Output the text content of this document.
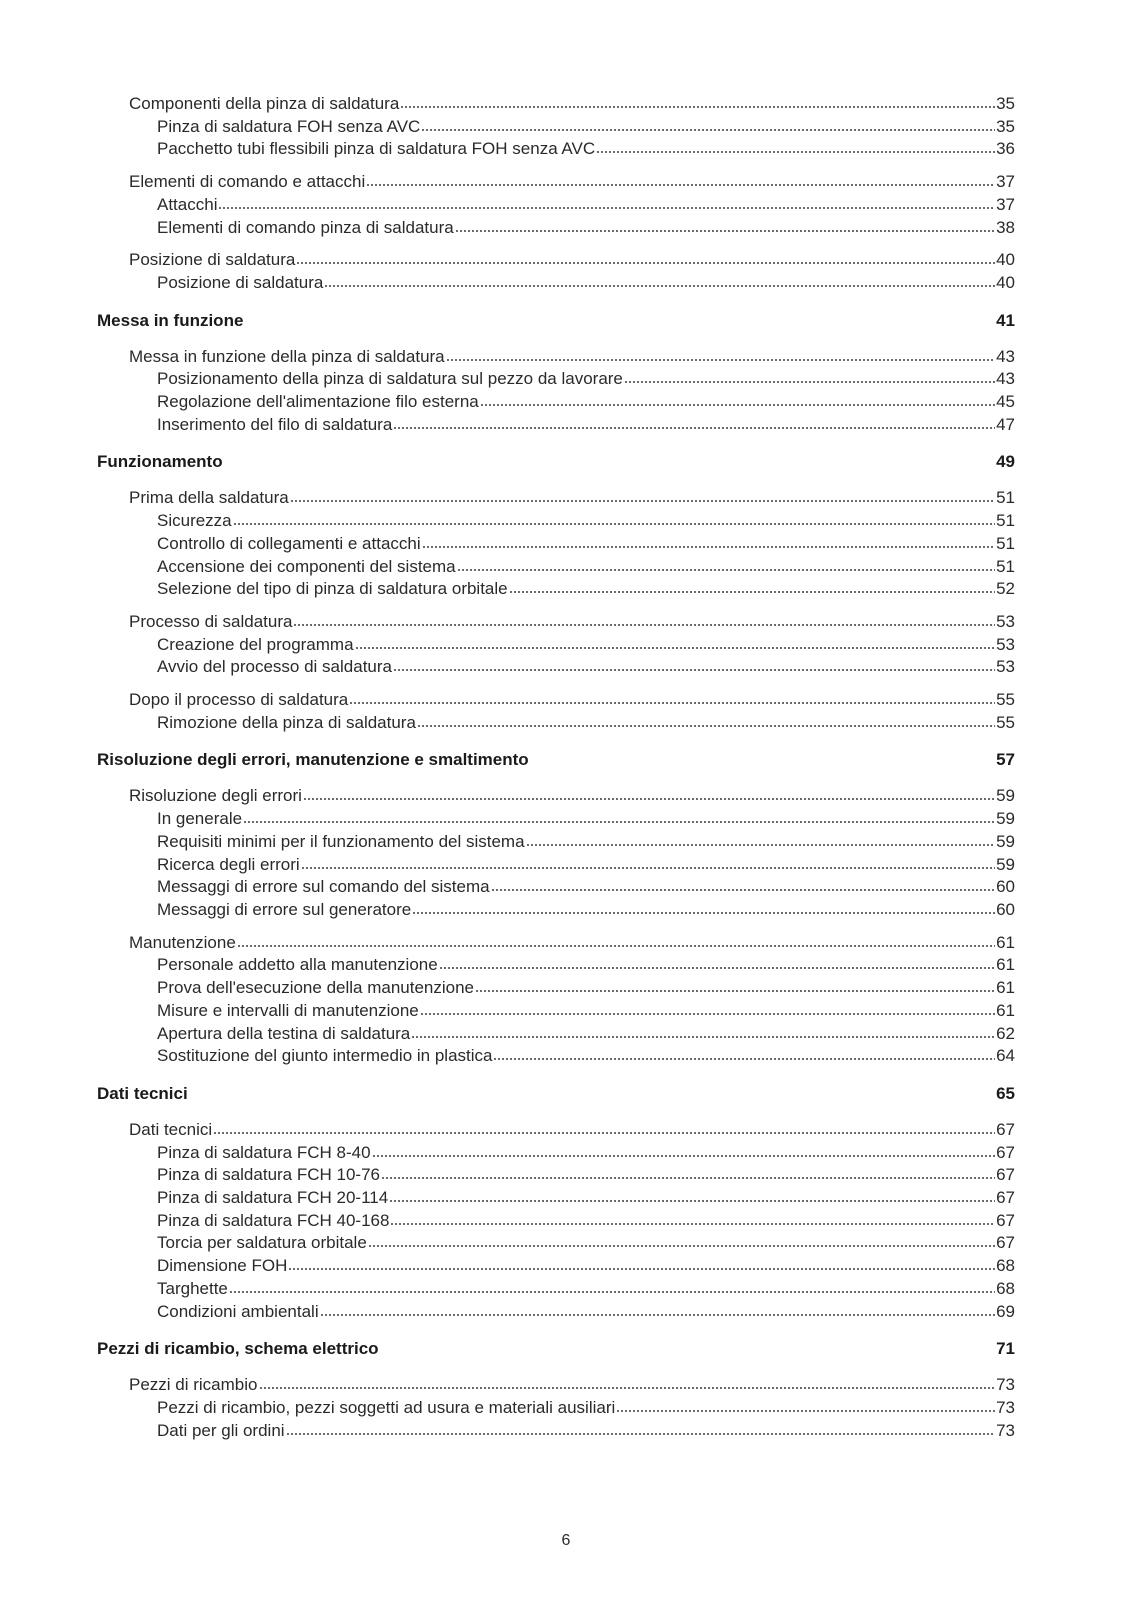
Componenti della pinza di saldatura	35
Pinza di saldatura FOH senza AVC	35
Pacchetto tubi flessibili pinza di saldatura FOH senza AVC	36
Elementi di comando e attacchi	37
Attacchi	37
Elementi di comando pinza di saldatura	38
Posizione di saldatura	40
Posizione di saldatura	40
Messa in funzione	41
Messa in funzione della pinza di saldatura	43
Posizionamento della pinza di saldatura sul pezzo da lavorare	43
Regolazione dell'alimentazione filo esterna	45
Inserimento del filo di saldatura	47
Funzionamento	49
Prima della saldatura	51
Sicurezza	51
Controllo di collegamenti e attacchi	51
Accensione dei componenti del sistema	51
Selezione del tipo di pinza di saldatura orbitale	52
Processo di saldatura	53
Creazione del programma	53
Avvio del processo di saldatura	53
Dopo il processo di saldatura	55
Rimozione della pinza di saldatura	55
Risoluzione degli errori, manutenzione e smaltimento	57
Risoluzione degli errori	59
In generale	59
Requisiti minimi per il funzionamento del sistema	59
Ricerca degli errori	59
Messaggi di errore sul comando del sistema	60
Messaggi di errore sul generatore	60
Manutenzione	61
Personale addetto alla manutenzione	61
Prova dell'esecuzione della manutenzione	61
Misure e intervalli di manutenzione	61
Apertura della testina di saldatura	62
Sostituzione del giunto intermedio in plastica	64
Dati tecnici	65
Dati tecnici	67
Pinza di saldatura FCH 8-40	67
Pinza di saldatura FCH 10-76	67
Pinza di saldatura FCH 20-114	67
Pinza di saldatura FCH 40-168	67
Torcia per saldatura orbitale	67
Dimensione FOH	68
Targhette	68
Condizioni ambientali	69
Pezzi di ricambio, schema elettrico	71
Pezzi di ricambio	73
Pezzi di ricambio, pezzi soggetti ad usura e materiali ausiliari	73
Dati per gli ordini	73
6
